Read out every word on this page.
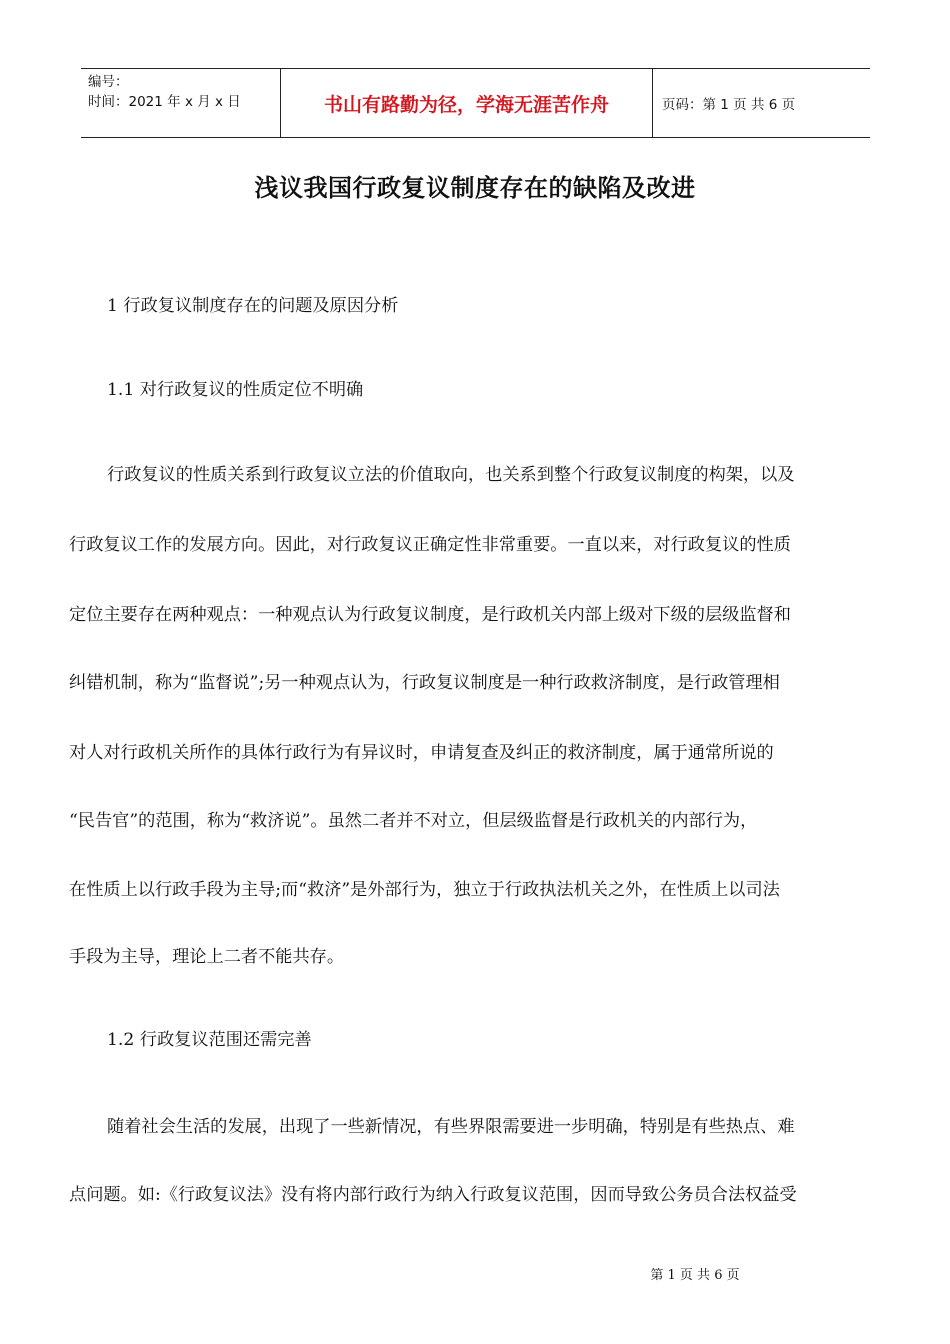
编号：
时间：2021 年 x 月 x 日	书山有路勤为径，学海无涯苦作舟	页码：第 1 页 共 6 页
浅议我国行政复议制度存在的缺陷及改进
1 行政复议制度存在的问题及原因分析
1.1 对行政复议的性质定位不明确
行政复议的性质关系到行政复议立法的价值取向，也关系到整个行政复议制度的构架，以及
行政复议工作的发展方向。因此，对行政复议正确定性非常重要。一直以来，对行政复议的性质
定位主要存在两种观点：一种观点认为行政复议制度，是行政机关内部上级对下级的层级监督和
纠错机制，称为“监督说”;另一种观点认为，行政复议制度是一种行政救济制度，是行政管理相
对人对行政机关所作的具体行政行为有异议时，申请复查及纠正的救济制度，属于通常所说的
“民告官”的范围，称为“救济说”。虽然二者并不对立，但层级监督是行政机关的内部行为，
在性质上以行政手段为主导;而“救济”是外部行为，独立于行政执法机关之外，在性质上以司法
手段为主导，理论上二者不能共存。
1.2 行政复议范围还需完善
随着社会生活的发展，出现了一些新情况，有些界限需要进一步明确，特别是有些热点、难
点问题。如:《行政复议法》没有将内部行政行为纳入行政复议范围，因而导致公务员合法权益受
第 1 页 共 6 页
